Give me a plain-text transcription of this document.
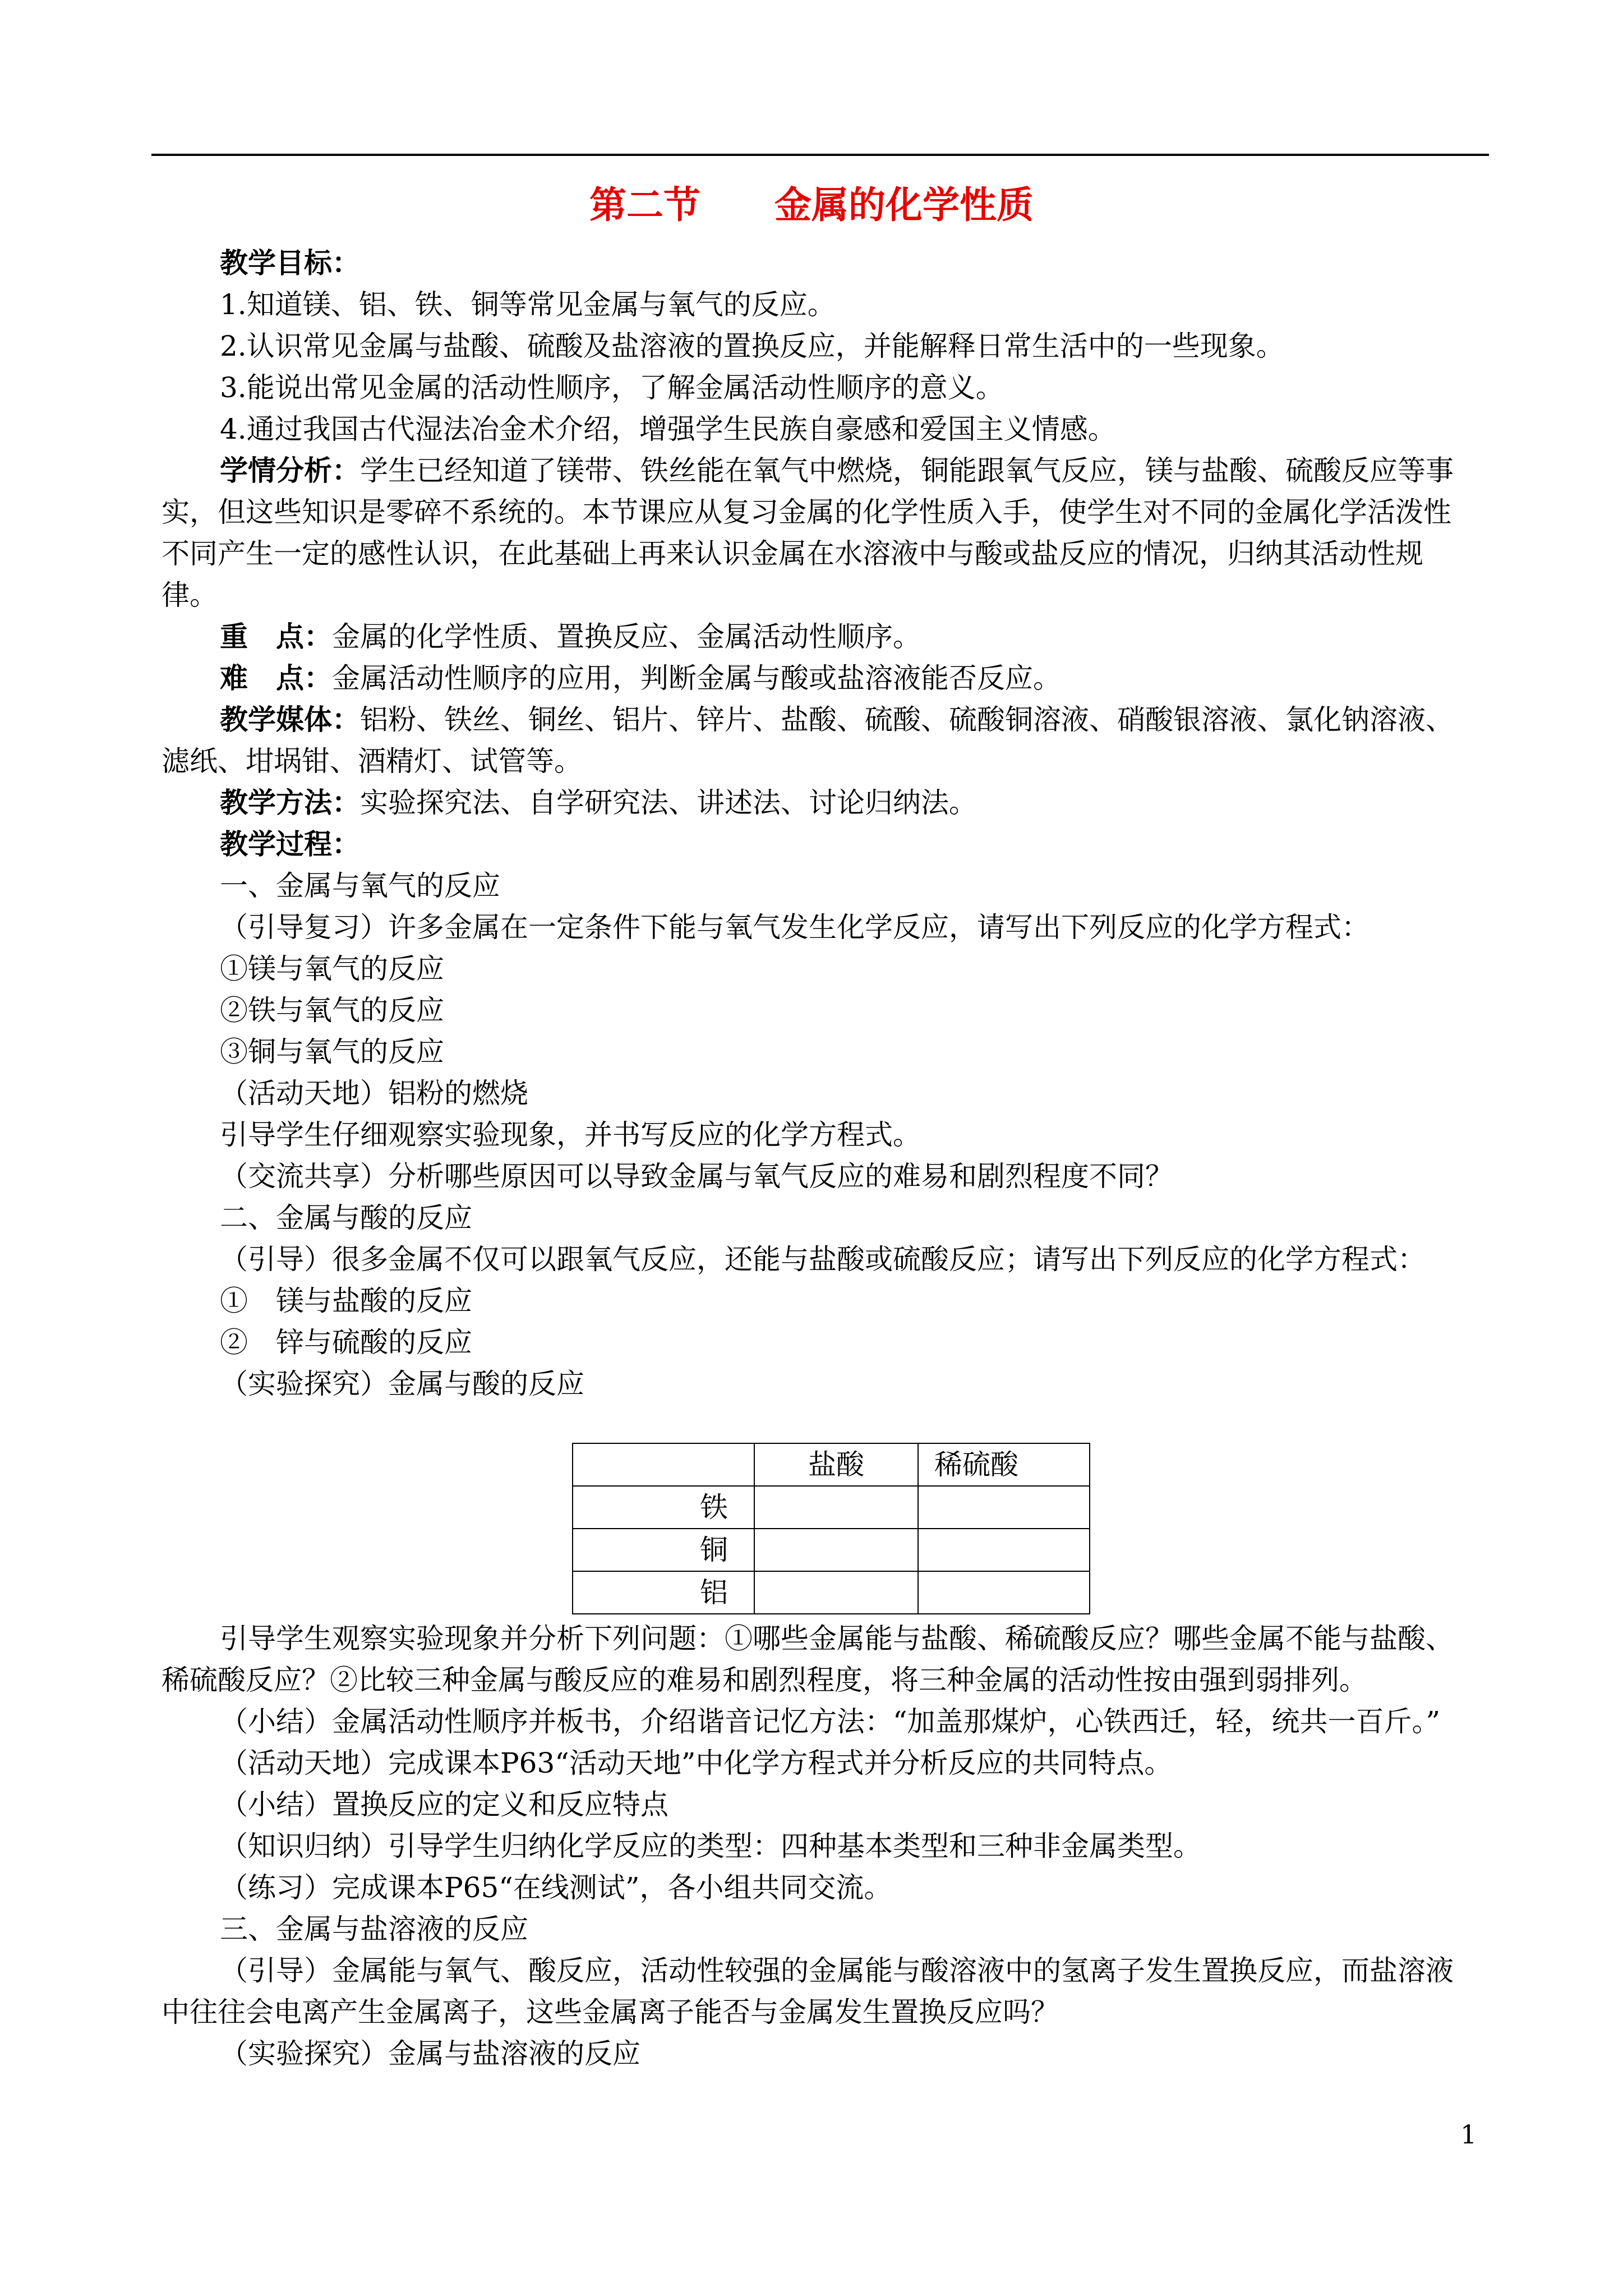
第二节　　金属的化学性质

教学目标：

1.知道镁、铝、铁、铜等常见金属与氧气的反应。

2.认识常见金属与盐酸、硫酸及盐溶液的置换反应，并能解释日常生活中的一些现象。

3.能说出常见金属的活动性顺序，了解金属活动性顺序的意义。

4.通过我国古代湿法冶金术介绍，增强学生民族自豪感和爱国主义情感。

学情分析：学生已经知道了镁带、铁丝能在氧气中燃烧，铜能跟氧气反应，镁与盐酸、硫酸反应等事实，但这些知识是零碎不系统的。本节课应从复习金属的化学性质入手，使学生对不同的金属化学活泼性不同产生一定的感性认识，在此基础上再来认识金属在水溶液中与酸或盐反应的情况，归纳其活动性规律。

重　点：金属的化学性质、置换反应、金属活动性顺序。

难　点：金属活动性顺序的应用，判断金属与酸或盐溶液能否反应。

教学媒体：铝粉、铁丝、铜丝、铝片、锌片、盐酸、硫酸、硫酸铜溶液、硝酸银溶液、氯化钠溶液、滤纸、坩埚钳、酒精灯、试管等。

教学方法：实验探究法、自学研究法、讲述法、讨论归纳法。

教学过程：

一、金属与氧气的反应

（引导复习）许多金属在一定条件下能与氧气发生化学反应，请写出下列反应的化学方程式：

①镁与氧气的反应

②铁与氧气的反应

③铜与氧气的反应

（活动天地）铝粉的燃烧

引导学生仔细观察实验现象，并书写反应的化学方程式。

（交流共享）分析哪些原因可以导致金属与氧气反应的难易和剧烈程度不同？

二、金属与酸的反应

（引导）很多金属不仅可以跟氧气反应，还能与盐酸或硫酸反应；请写出下列反应的化学方程式：

①　镁与盐酸的反应

②　锌与硫酸的反应

（实验探究）金属与酸的反应

	盐酸	稀硫酸
铁		
铜		
铝		

引导学生观察实验现象并分析下列问题：①哪些金属能与盐酸、稀硫酸反应？哪些金属不能与盐酸、稀硫酸反应？②比较三种金属与酸反应的难易和剧烈程度，将三种金属的活动性按由强到弱排列。

（小结）金属活动性顺序并板书，介绍谐音记忆方法：“加盖那煤炉，心铁西迁，轻，统共一百斤。”

（活动天地）完成课本P63“活动天地”中化学方程式并分析反应的共同特点。

（小结）置换反应的定义和反应特点

（知识归纳）引导学生归纳化学反应的类型：四种基本类型和三种非金属类型。

（练习）完成课本P65“在线测试”，各小组共同交流。

三、金属与盐溶液的反应

（引导）金属能与氧气、酸反应，活动性较强的金属能与酸溶液中的氢离子发生置换反应，而盐溶液中往往会电离产生金属离子，这些金属离子能否与金属发生置换反应吗？

（实验探究）金属与盐溶液的反应

1
